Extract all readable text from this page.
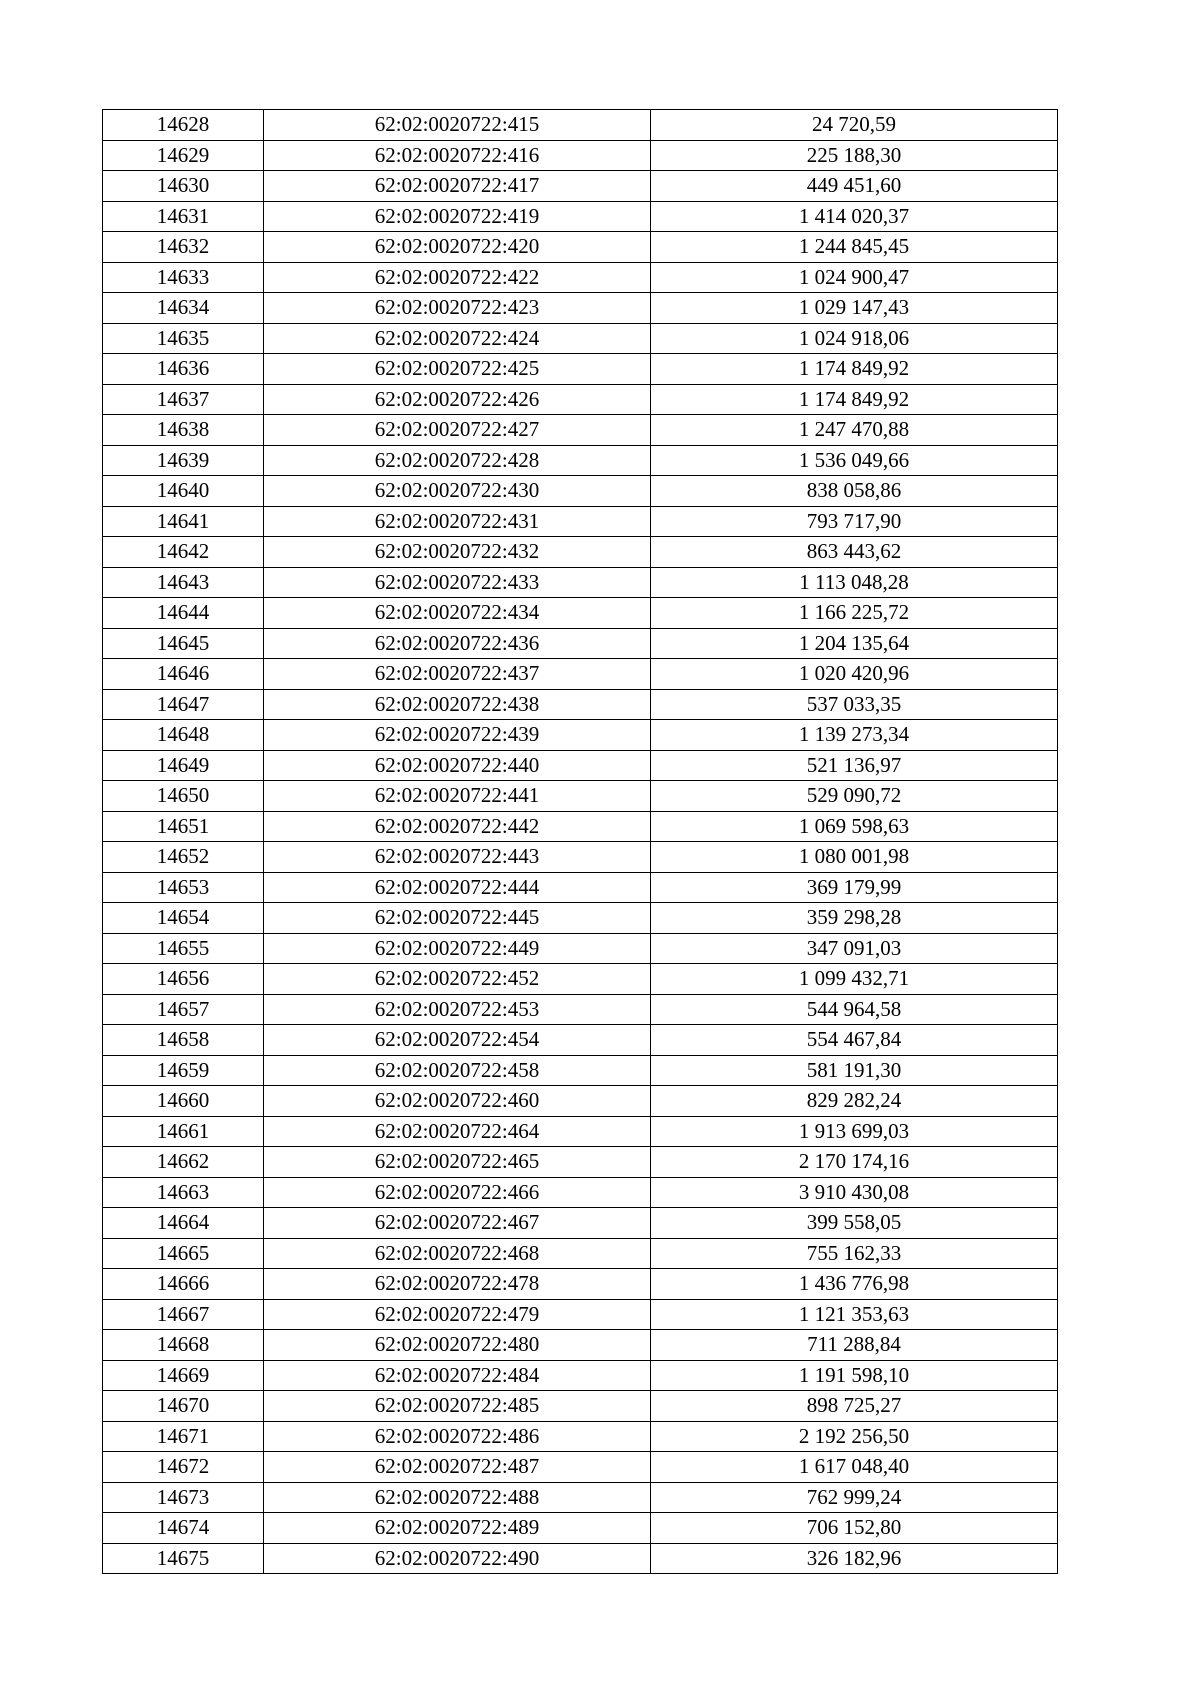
14628	62:02:0020722:415	24 720,59
14629	62:02:0020722:416	225 188,30
14630	62:02:0020722:417	449 451,60
14631	62:02:0020722:419	1 414 020,37
14632	62:02:0020722:420	1 244 845,45
14633	62:02:0020722:422	1 024 900,47
14634	62:02:0020722:423	1 029 147,43
14635	62:02:0020722:424	1 024 918,06
14636	62:02:0020722:425	1 174 849,92
14637	62:02:0020722:426	1 174 849,92
14638	62:02:0020722:427	1 247 470,88
14639	62:02:0020722:428	1 536 049,66
14640	62:02:0020722:430	838 058,86
14641	62:02:0020722:431	793 717,90
14642	62:02:0020722:432	863 443,62
14643	62:02:0020722:433	1 113 048,28
14644	62:02:0020722:434	1 166 225,72
14645	62:02:0020722:436	1 204 135,64
14646	62:02:0020722:437	1 020 420,96
14647	62:02:0020722:438	537 033,35
14648	62:02:0020722:439	1 139 273,34
14649	62:02:0020722:440	521 136,97
14650	62:02:0020722:441	529 090,72
14651	62:02:0020722:442	1 069 598,63
14652	62:02:0020722:443	1 080 001,98
14653	62:02:0020722:444	369 179,99
14654	62:02:0020722:445	359 298,28
14655	62:02:0020722:449	347 091,03
14656	62:02:0020722:452	1 099 432,71
14657	62:02:0020722:453	544 964,58
14658	62:02:0020722:454	554 467,84
14659	62:02:0020722:458	581 191,30
14660	62:02:0020722:460	829 282,24
14661	62:02:0020722:464	1 913 699,03
14662	62:02:0020722:465	2 170 174,16
14663	62:02:0020722:466	3 910 430,08
14664	62:02:0020722:467	399 558,05
14665	62:02:0020722:468	755 162,33
14666	62:02:0020722:478	1 436 776,98
14667	62:02:0020722:479	1 121 353,63
14668	62:02:0020722:480	711 288,84
14669	62:02:0020722:484	1 191 598,10
14670	62:02:0020722:485	898 725,27
14671	62:02:0020722:486	2 192 256,50
14672	62:02:0020722:487	1 617 048,40
14673	62:02:0020722:488	762 999,24
14674	62:02:0020722:489	706 152,80
14675	62:02:0020722:490	326 182,96
